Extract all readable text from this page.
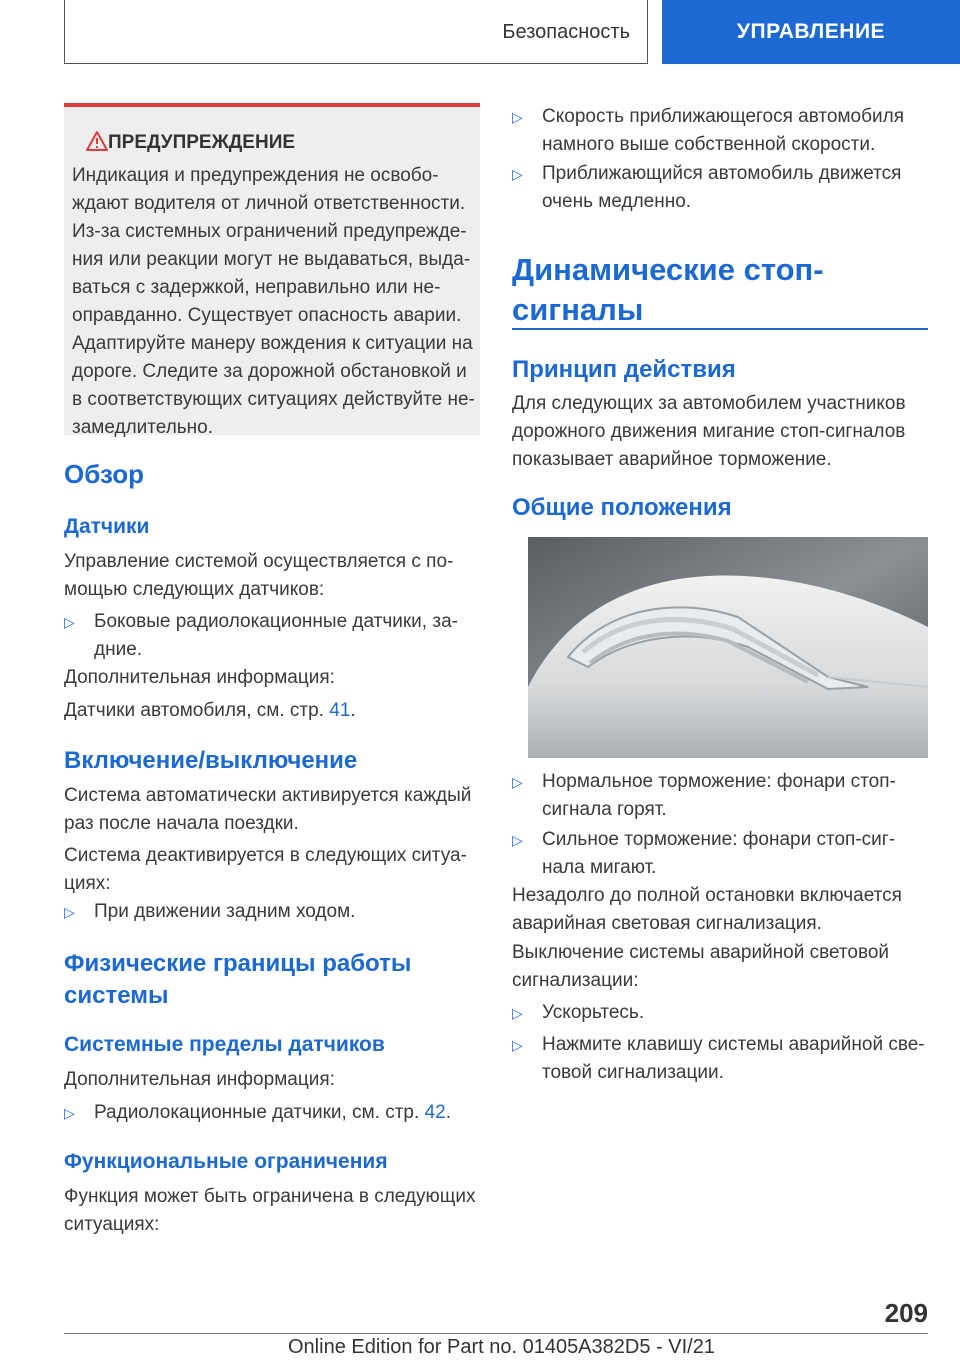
Безопасность	УПРАВЛЕНИЕ
ПРЕДУПРЕЖДЕНИЕ

Индикация и предупреждения не освобо-

ждают водителя от личной ответственности.

Из-за системных ограничений предупрежде-

ния или реакции могут не выдаваться, выда-

ваться с задержкой, неправильно или не-

оправданно. Существует опасность аварии.

Адаптируйте манеру вождения к ситуации на

дороге. Следите за дорожной обстановкой и

в соответствующих ситуациях действуйте не-

замедлительно.

Обзор
Датчики

Управление системой осуществляется с по-

мощью следующих датчиков:

▷	Боковые радиолокационные датчики, за-

дние.

Дополнительная информация:

Датчики автомобиля, см. стр. 41.

Включение/выключение

Система автоматически активируется каждый

раз после начала поездки.

Система деактивируется в следующих ситуа-

циях:

▷	При движении задним ходом.
Физические границы работы
системы
Системные пределы датчиков

Дополнительная информация:

▷	Радиолокационные датчики, см. стр. 42.
Функциональные ограничения

Функция может быть ограничена в следующих

ситуациях:

▷	Скорость приближающегося автомобиля

намного выше собственной скорости.

▷	Приближающийся автомобиль движется

очень медленно.

Динамические стоп-
сигналы
Принцип действия

Для следующих за автомобилем участников

дорожного движения мигание стоп-сигналов

показывает аварийное торможение.

Общие положения
▷	Нормальное торможение: фонари стоп-

сигнала горят.

▷	Сильное торможение: фонари стоп-сиг-

нала мигают.

Незадолго до полной остановки включается

аварийная световая сигнализация.

Выключение системы аварийной световой

сигнализации:

▷	Ускорьтесь.
▷	Нажмите клавишу системы аварийной све-

товой сигнализации.

209
Online Edition for Part no. 01405A382D5 - VI/21
